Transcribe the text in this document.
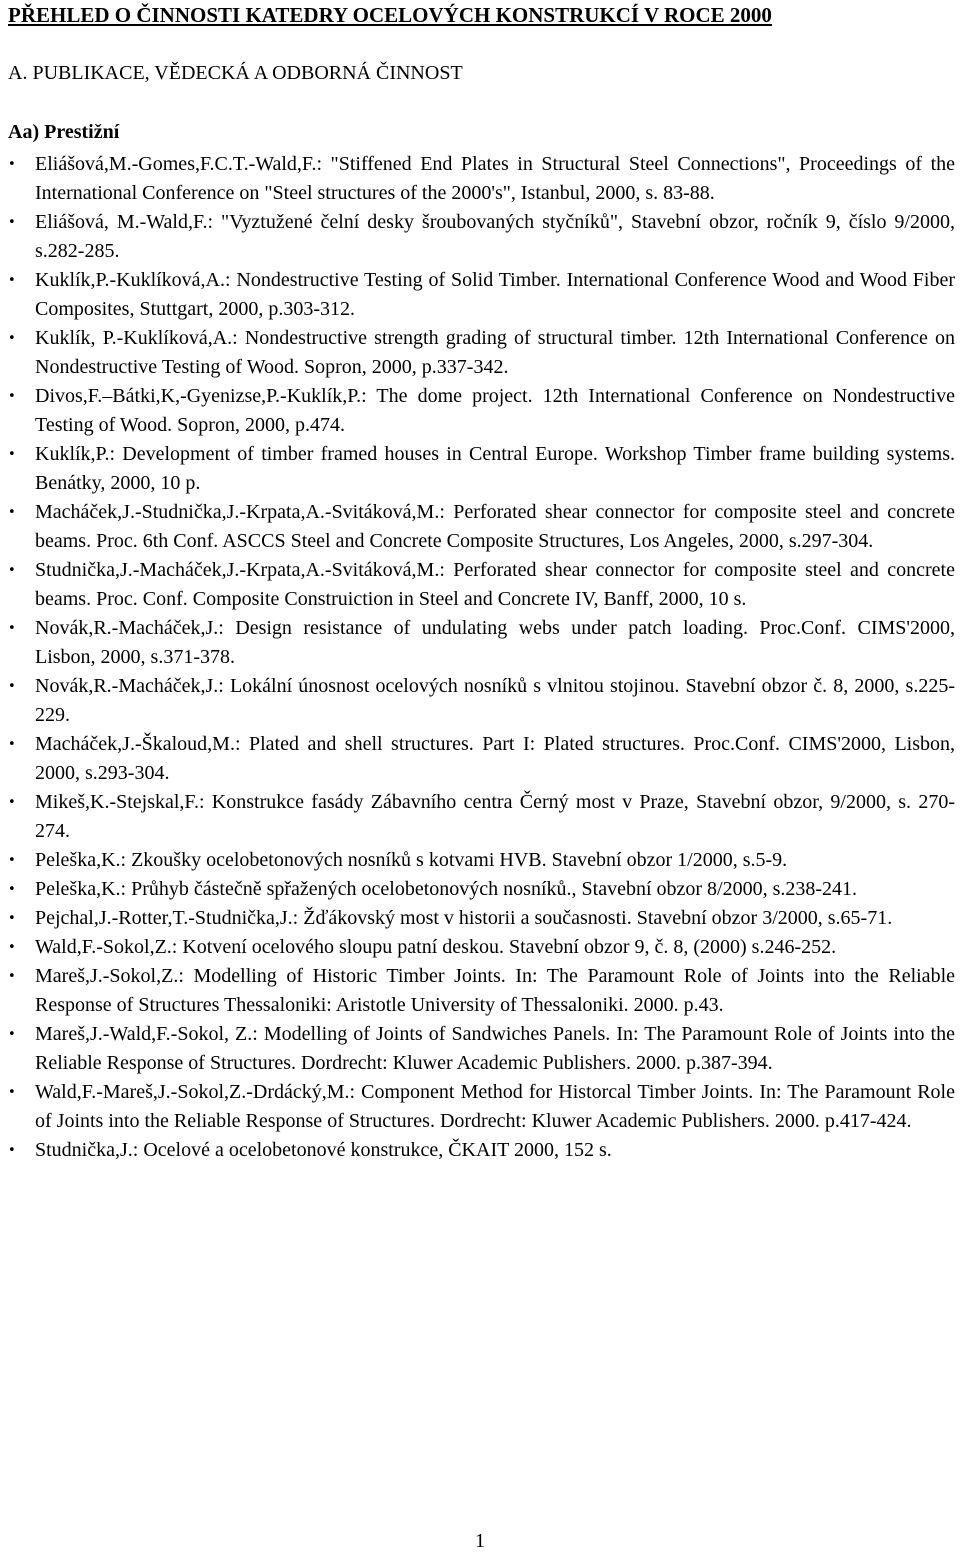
PŘEHLED O ČINNOSTI KATEDRY OCELOVÝCH KONSTRUKCÍ V ROCE 2000
A. PUBLIKACE, VĚDECKÁ A ODBORNÁ ČINNOST
Aa) Prestižní
• Eliášová,M.-Gomes,F.C.T.-Wald,F.: "Stiffened End Plates in Structural Steel Connections", Proceedings of the International Conference on "Steel structures of the 2000's", Istanbul, 2000, s. 83-88.
• Eliášová, M.-Wald,F.: "Vyztužené čelní desky šroubovaných styčníků", Stavební obzor, ročník 9, číslo 9/2000, s.282-285.
• Kuklík,P.-Kuklíková,A.: Nondestructive Testing of Solid Timber. International Conference Wood and Wood Fiber Composites, Stuttgart, 2000, p.303-312.
• Kuklík, P.-Kuklíková,A.: Nondestructive strength grading of structural timber. 12th International Conference on Nondestructive Testing of Wood. Sopron, 2000, p.337-342.
• Divos,F.–Bátki,K,-Gyenizse,P.-Kuklík,P.: The dome project. 12th International Conference on Nondestructive Testing of Wood. Sopron, 2000, p.474.
• Kuklík,P.: Development of timber framed houses in Central Europe. Workshop Timber frame building systems. Benátky, 2000, 10 p.
• Macháček,J.-Studnička,J.-Krpata,A.-Svitáková,M.: Perforated shear connector for composite steel and concrete beams. Proc. 6th Conf. ASCCS Steel and Concrete Composite Structures, Los Angeles, 2000, s.297-304.
• Studnička,J.-Macháček,J.-Krpata,A.-Svitáková,M.: Perforated shear connector for composite steel and concrete beams. Proc. Conf. Composite Construiction in Steel and Concrete IV, Banff, 2000, 10 s.
• Novák,R.-Macháček,J.: Design resistance of undulating webs under patch loading. Proc.Conf. CIMS'2000, Lisbon, 2000, s.371-378.
• Novák,R.-Macháček,J.: Lokální únosnost ocelových nosníků s vlnitou stojinou. Stavební obzor č. 8, 2000, s.225-229.
• Macháček,J.-Škaloud,M.: Plated and shell structures. Part I: Plated structures. Proc.Conf. CIMS'2000, Lisbon, 2000, s.293-304.
• Mikeš,K.-Stejskal,F.: Konstrukce fasády Zábavního centra Černý most v Praze, Stavební obzor, 9/2000, s. 270-274.
• Peleška,K.: Zkoušky ocelobetonových nosníků s kotvami HVB. Stavební obzor 1/2000, s.5-9.
• Peleška,K.: Průhyb částečně spřažených ocelobetonových nosníků., Stavební obzor 8/2000, s.238-241.
• Pejchal,J.-Rotter,T.-Studnička,J.: Žďákovský most v historii a současnosti. Stavební obzor 3/2000, s.65-71.
• Wald,F.-Sokol,Z.: Kotvení ocelového sloupu patní deskou. Stavební obzor 9, č. 8, (2000) s.246-252.
• Mareš,J.-Sokol,Z.: Modelling of Historic Timber Joints. In: The Paramount Role of Joints into the Reliable Response of Structures Thessaloniki: Aristotle University of Thessaloniki. 2000. p.43.
• Mareš,J.-Wald,F.-Sokol, Z.: Modelling of Joints of Sandwiches Panels. In: The Paramount Role of Joints into the Reliable Response of Structures. Dordrecht: Kluwer Academic Publishers. 2000. p.387-394.
• Wald,F.-Mareš,J.-Sokol,Z.-Drdácký,M.: Component Method for Historcal Timber Joints. In: The Paramount Role of Joints into the Reliable Response of Structures. Dordrecht: Kluwer Academic Publishers. 2000. p.417-424.
• Studnička,J.: Ocelové a ocelobetonové konstrukce, ČKAIT 2000, 152 s.
1
